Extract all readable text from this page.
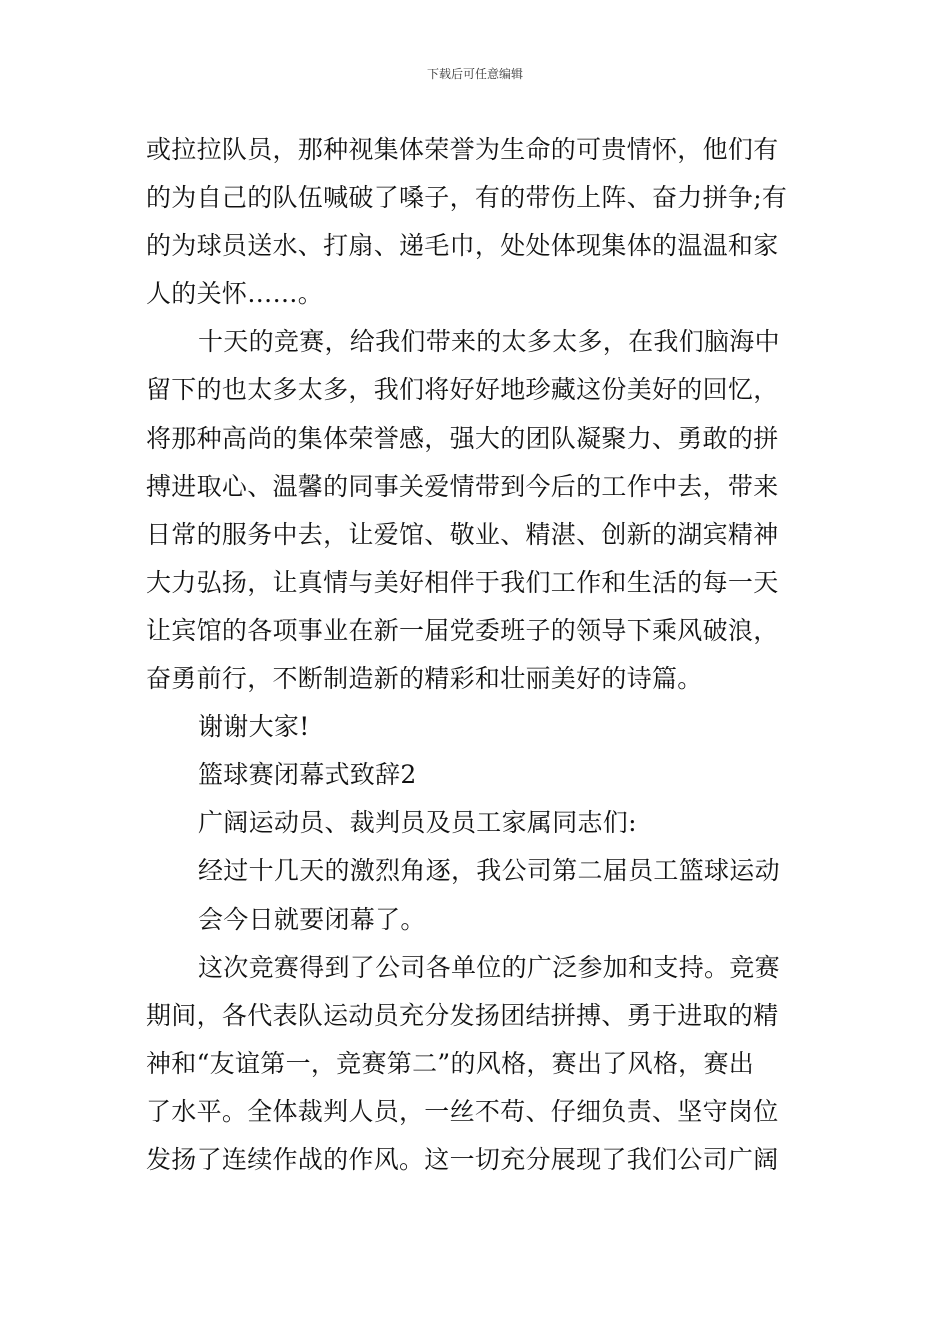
下载后可任意编辑
或拉拉队员，那种视集体荣誉为生命的可贵情怀，他们有
的为自己的队伍喊破了嗓子，有的带伤上阵、奋力拼争;有
的为球员送水、打扇、递毛巾，处处体现集体的温温和家
人的关怀……。
十天的竞赛，给我们带来的太多太多，在我们脑海中
留下的也太多太多，我们将好好地珍藏这份美好的回忆，
将那种高尚的集体荣誉感，强大的团队凝聚力、勇敢的拼
搏进取心、温馨的同事关爱情带到今后的工作中去，带来
日常的服务中去，让爱馆、敬业、精湛、创新的湖宾精神
大力弘扬，让真情与美好相伴于我们工作和生活的每一天
让宾馆的各项事业在新一届党委班子的领导下乘风破浪，
奋勇前行，不断制造新的精彩和壮丽美好的诗篇。
谢谢大家!
篮球赛闭幕式致辞2
广阔运动员、裁判员及员工家属同志们:
经过十几天的激烈角逐，我公司第二届员工篮球运动
会今日就要闭幕了。
这次竞赛得到了公司各单位的广泛参加和支持。竞赛
期间，各代表队运动员充分发扬团结拼搏、勇于进取的精
神和“友谊第一，竞赛第二”的风格，赛出了风格，赛出
了水平。全体裁判人员，一丝不苟、仔细负责、坚守岗位
发扬了连续作战的作风。这一切充分展现了我们公司广阔
